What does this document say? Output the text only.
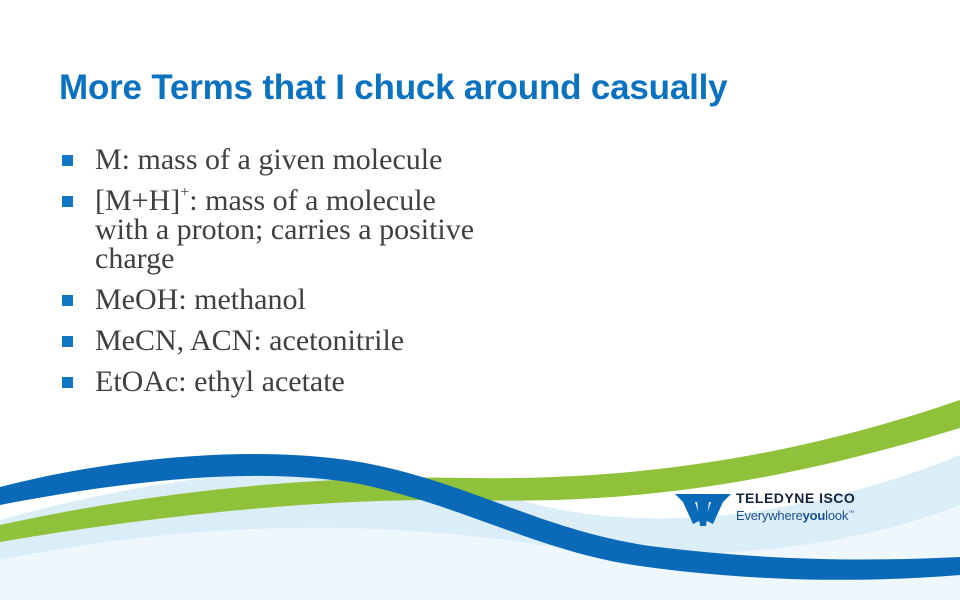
More Terms that I chuck around casually
M: mass of a given molecule
[M+H]+: mass of a molecule with a proton; carries a positive charge
MeOH: methanol
MeCN, ACN: acetonitrile
EtOAc: ethyl acetate

TELEDYNE ISCO

Everywhereyoulook™
